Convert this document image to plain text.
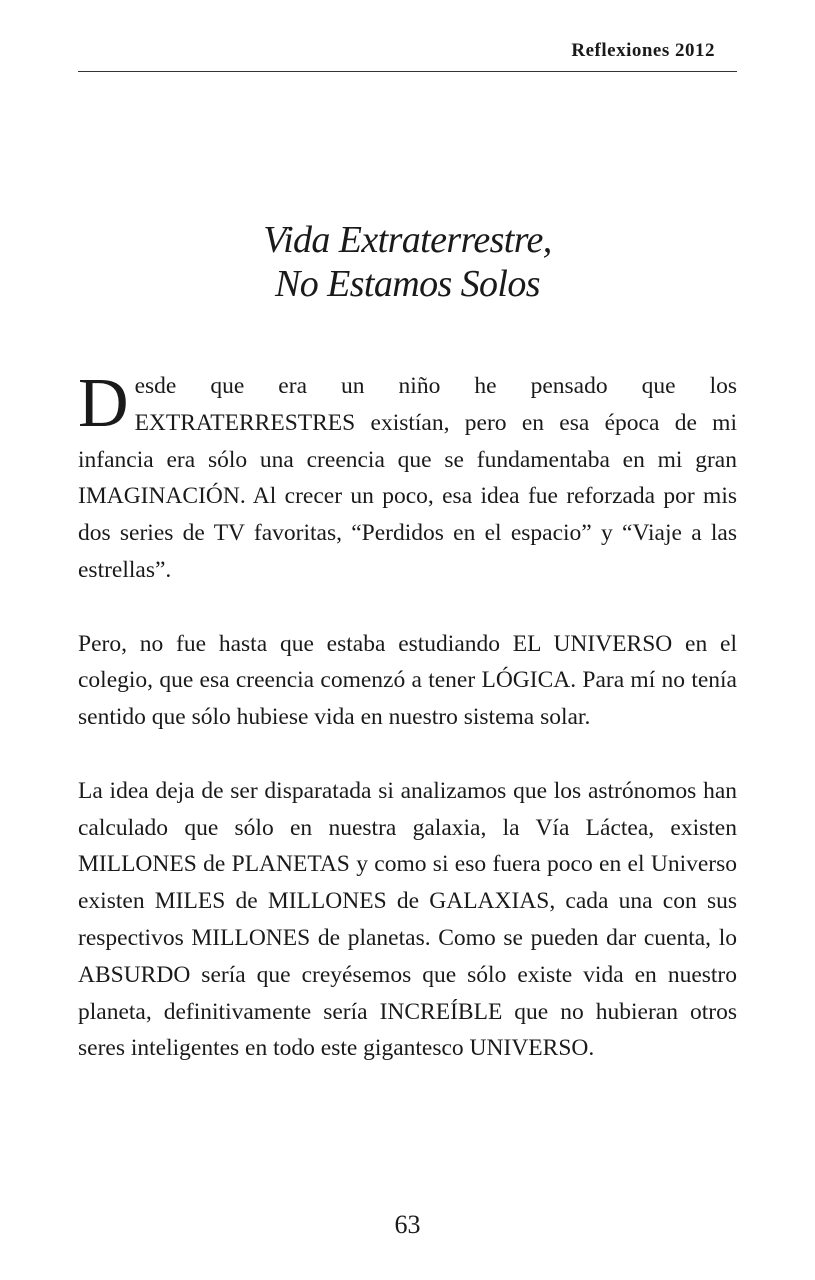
Reflexiones 2012
Vida Extraterrestre,
No Estamos Solos

Desde que era un niño he pensado que los EXTRATERRESTRES existían, pero en esa época de mi infancia era sólo una creencia que se fundamentaba en mi gran IMAGINACIÓN. Al crecer un poco, esa idea fue reforzada por mis dos series de TV favoritas, “Perdidos en el espacio” y “Viaje a las estrellas”.

Pero, no fue hasta que estaba estudiando EL UNIVERSO en el colegio, que esa creencia comenzó a tener LÓGICA. Para mí no tenía sentido que sólo hubiese vida en nuestro sistema solar.

La idea deja de ser disparatada si analizamos que los astrónomos han calculado que sólo en nuestra galaxia, la Vía Láctea, existen MILLONES de PLANETAS y como si eso fuera poco en el Universo existen MILES de MILLONES de GALAXIAS, cada una con sus respectivos MILLONES de planetas. Como se pueden dar cuenta, lo ABSURDO sería que creyésemos que sólo existe vida en nuestro planeta, definitivamente sería INCREÍBLE que no hubieran otros seres inteligentes en todo este gigantesco UNIVERSO.

63
